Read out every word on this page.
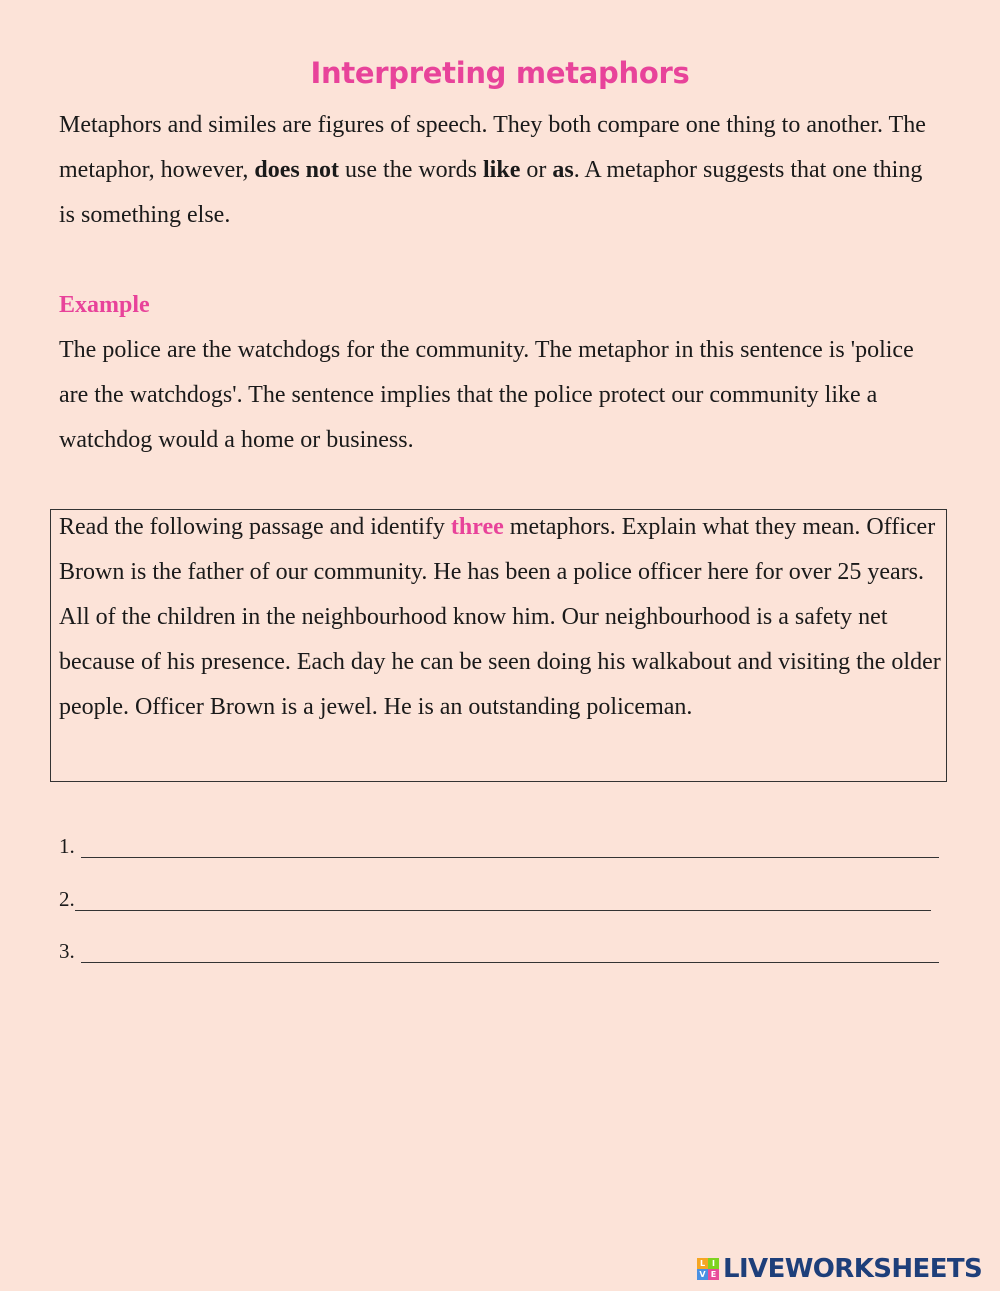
Interpreting metaphors

Metaphors and similes are figures of speech. They both compare one thing to another. The metaphor, however, does not use the words like or as. A metaphor suggests that one thing is something else.

Example

The police are the watchdogs for the community. The metaphor in this sentence is 'police are the watchdogs'. The sentence implies that the police protect our community like a watchdog would a home or business.

Read the following passage and identify three metaphors. Explain what they mean. Officer Brown is the father of our community. He has been a police officer here for over 25 years. All of the children in the neighbourhood know him. Our neighbourhood is a safety net because of his presence. Each day he can be seen doing his walkabout and visiting the older people. Officer Brown is a jewel. He is an outstanding policeman.

1.
2.
3.
L I
V E LIVEWORKSHEETS
